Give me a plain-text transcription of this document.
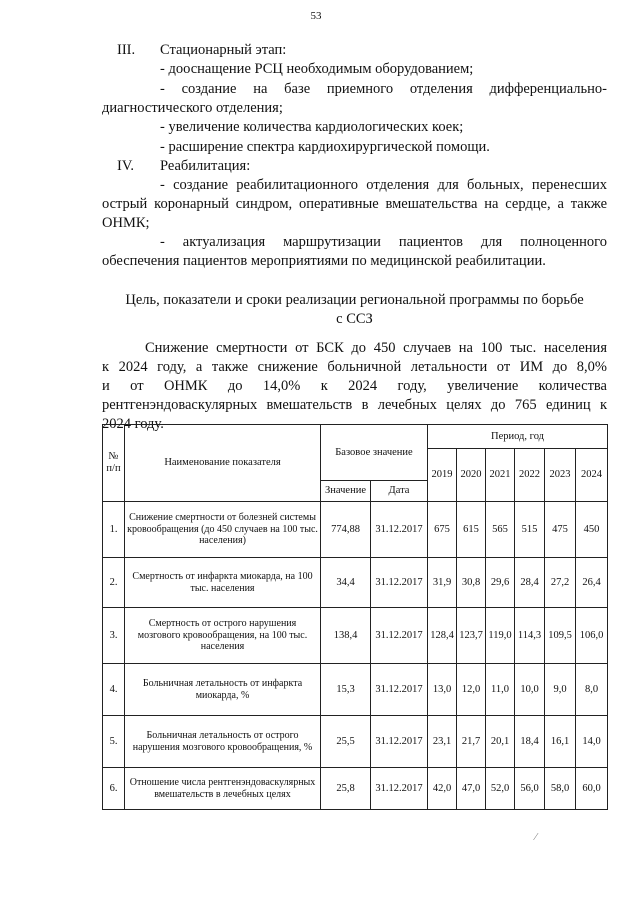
53
III. Стационарный этап:
- дооснащение РСЦ необходимым оборудованием;
- создание на базе приемного отделения дифференциально-
диагностического отделения;
- увеличение количества кардиологических коек;
- расширение спектра кардиохирургической помощи.
IV. Реабилитация:
- создание реабилитационного отделения для больных, перенесших
острый коронарный синдром, оперативные вмешательства на сердце, а также
ОНМК;
- актуализация маршрутизации пациентов для полноценного
обеспечения пациентов мероприятиями по медицинской реабилитации.
Цель, показатели и сроки реализации региональной программы по борьбе
с ССЗ
Снижение смертности от БСК до 450 случаев на 100 тыс. населения
к 2024 году, а также снижение больничной летальности от ИМ до 8,0%
и от ОНМК до 14,0% к 2024 году, увеличение количества
рентгенэндоваскулярных вмешательств в лечебных целях до 765 единиц к
2024 году.
№ п/п	Наименование показателя	Базовое значение		Период, год					
				2019	2020	2021	2022	2023	2024
		Значение	Дата						
1.	Снижение смертности от болезней системы кровообращения (до 450 случаев на 100 тыс. населения)	774,88	31.12.2017	675	615	565	515	475	450
2.	Смертность от инфаркта миокарда, на 100 тыс. населения	34,4	31.12.2017	31,9	30,8	29,6	28,4	27,2	26,4
3.	Смертность от острого нарушения мозгового кровообращения, на 100 тыс. населения	138,4	31.12.2017	128,4	123,7	119,0	114,3	109,5	106,0
4.	Больничная летальность от инфаркта миокарда, %	15,3	31.12.2017	13,0	12,0	11,0	10,0	9,0	8,0
5.	Больничная летальность от острого нарушения мозгового кровообращения, %	25,5	31.12.2017	23,1	21,7	20,1	18,4	16,1	14,0
6.	Отношение числа рентгенэндоваскулярных вмешательств в лечебных целях	25,8	31.12.2017	42,0	47,0	52,0	56,0	58,0	60,0
⁄
